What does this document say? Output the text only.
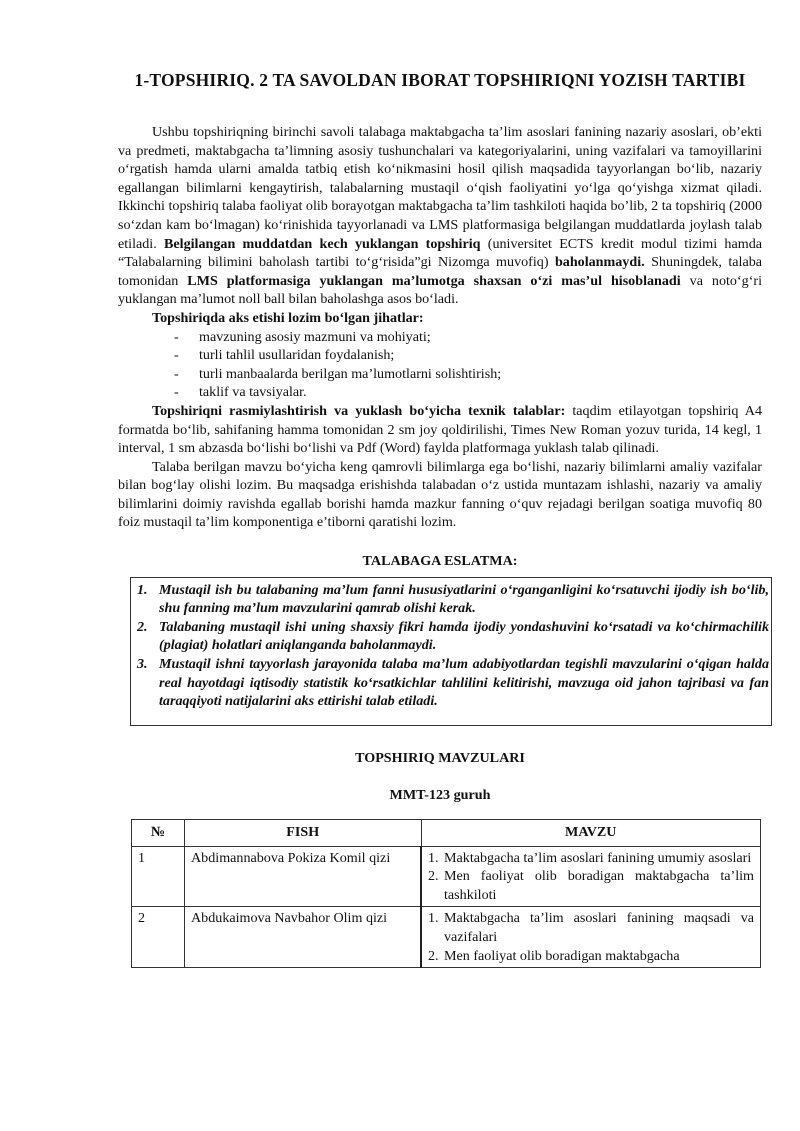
1-TOPSHIRIQ. 2 TA SAVOLDAN IBORAT TOPSHIRIQNI YOZISH TARTIBI

Ushbu topshiriqning birinchi savoli talabaga maktabgacha ta’lim asoslari fanining nazariy asoslari, ob’ekti va predmeti, maktabgacha ta’limning asosiy tushunchalari va kategoriyalarini, uning vazifalari va tamoyillarini o‘rgatish hamda ularni amalda tatbiq etish ko‘nikmasini hosil qilish maqsadida tayyorlangan bo‘lib, nazariy egallangan bilimlarni kengaytirish, talabalarning mustaqil o‘qish faoliyatini yo‘lga qo‘yishga xizmat qiladi. Ikkinchi topshiriq talaba faoliyat olib borayotgan maktabgacha ta’lim tashkiloti haqida bo’lib, 2 ta topshiriq (2000 so‘zdan kam bo‘lmagan) ko‘rinishida tayyorlanadi va LMS platformasiga belgilangan muddatlarda joylash talab etiladi. Belgilangan muddatdan kech yuklangan topshiriq (universitet ECTS kredit modul tizimi hamda “Talabalarning bilimini baholash tartibi to‘g‘risida”gi Nizomga muvofiq) baholanmaydi. Shuningdek, talaba tomonidan LMS platformasiga yuklangan ma’lumotga shaxsan o‘zi mas’ul hisoblanadi va noto‘g‘ri yuklangan ma’lumot noll ball bilan baholashga asos bo‘ladi.

Topshiriqda aks etishi lozim bo‘lgan jihatlar:
- mavzuning asosiy mazmuni va mohiyati;
- turli tahlil usullaridan foydalanish;
- turli manbaalarda berilgan ma’lumotlarni solishtirish;
- taklif va tavsiyalar.

Topshiriqni rasmiylashtirish va yuklash bo‘yicha texnik talablar: taqdim etilayotgan topshiriq A4 formatda bo‘lib, sahifaning hamma tomonidan 2 sm joy qoldirilishi, Times New Roman yozuv turida, 14 kegl, 1 interval, 1 sm abzasda bo‘lishi bo‘lishi va Pdf (Word) faylda platformaga yuklash talab qilinadi.

Talaba berilgan mavzu bo‘yicha keng qamrovli bilimlarga ega bo‘lishi, nazariy bilimlarni amaliy vazifalar bilan bog‘lay olishi lozim. Bu maqsadga erishishda talabadan o‘z ustida muntazam ishlashi, nazariy va amaliy bilimlarini doimiy ravishda egallab borishi hamda mazkur fanning o‘quv rejadagi berilgan soatiga muvofiq 80 foiz mustaqil ta’lim komponentiga e’tiborni qaratishi lozim.

TALABAGA ESLATMA:
1. Mustaqil ish bu talabaning ma’lum fanni hususiyatlarini o‘rganganligini ko‘rsatuvchi ijodiy ish bo‘lib, shu fanning ma’lum mavzularini qamrab olishi kerak.
2. Talabaning mustaqil ishi uning shaxsiy fikri hamda ijodiy yondashuvini ko‘rsatadi va ko‘chirmachilik (plagiat) holatlari aniqlanganda baholanmaydi.
3. Mustaqil ishni tayyorlash jarayonida talaba ma’lum adabiyotlardan tegishli mavzularini o‘qigan halda real hayotdagi iqtisodiy statistik ko‘rsatkichlar tahlilini kelitirishi, mavzuga oid jahon tajribasi va fan taraqqiyoti natijalarini aks ettirishi talab etiladi.
TOPSHIRIQ MAVZULARI
MMT-123 guruh
№	FISH	MAVZU
1	Abdimannabova Pokiza Komil qizi	1. Maktabgacha ta’lim asoslari fanining umumiy asoslari
2. Men faoliyat olib boradigan maktabgacha ta’lim tashkiloti

2	Abdukaimova Navbahor Olim qizi	1. Maktabgacha ta’lim asoslari fanining maqsadi va vazifalari
2. Men faoliyat olib boradigan maktabgacha
